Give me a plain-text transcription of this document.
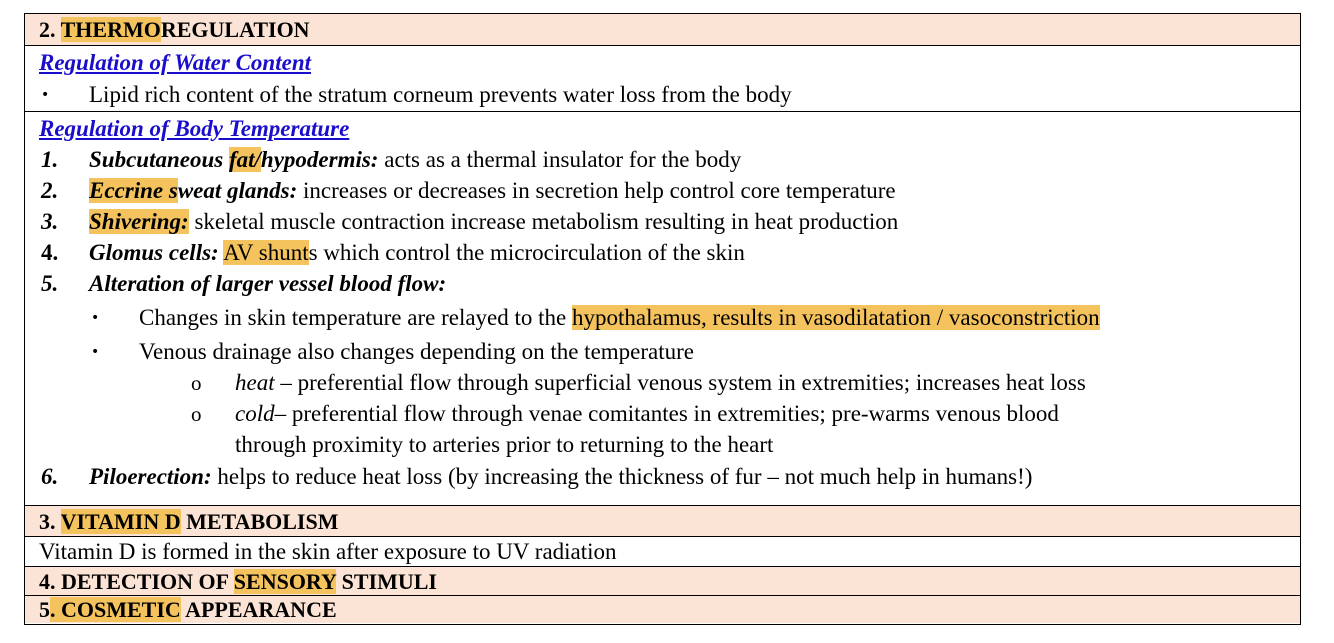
2. THERMOREGULATION
Regulation of Water Content
• Lipid rich content of the stratum corneum prevents water loss from the body
Regulation of Body Temperature
1. Subcutaneous fat/hypodermis: acts as a thermal insulator for the body
2. Eccrine sweat glands: increases or decreases in secretion help control core temperature
3. Shivering: skeletal muscle contraction increase metabolism resulting in heat production
4. Glomus cells: AV shunts which control the microcirculation of the skin
5. Alteration of larger vessel blood flow:
• Changes in skin temperature are relayed to the hypothalamus, results in vasodilatation / vasoconstriction
• Venous drainage also changes depending on the temperature
o heat – preferential flow through superficial venous system in extremities; increases heat loss
o cold– preferential flow through venae comitantes in extremities; pre-warms venous blood
through proximity to arteries prior to returning to the heart
6. Piloerection: helps to reduce heat loss (by increasing the thickness of fur – not much help in humans!)
3. VITAMIN D METABOLISM
Vitamin D is formed in the skin after exposure to UV radiation
4. DETECTION OF SENSORY STIMULI
5. COSMETIC APPEARANCE
